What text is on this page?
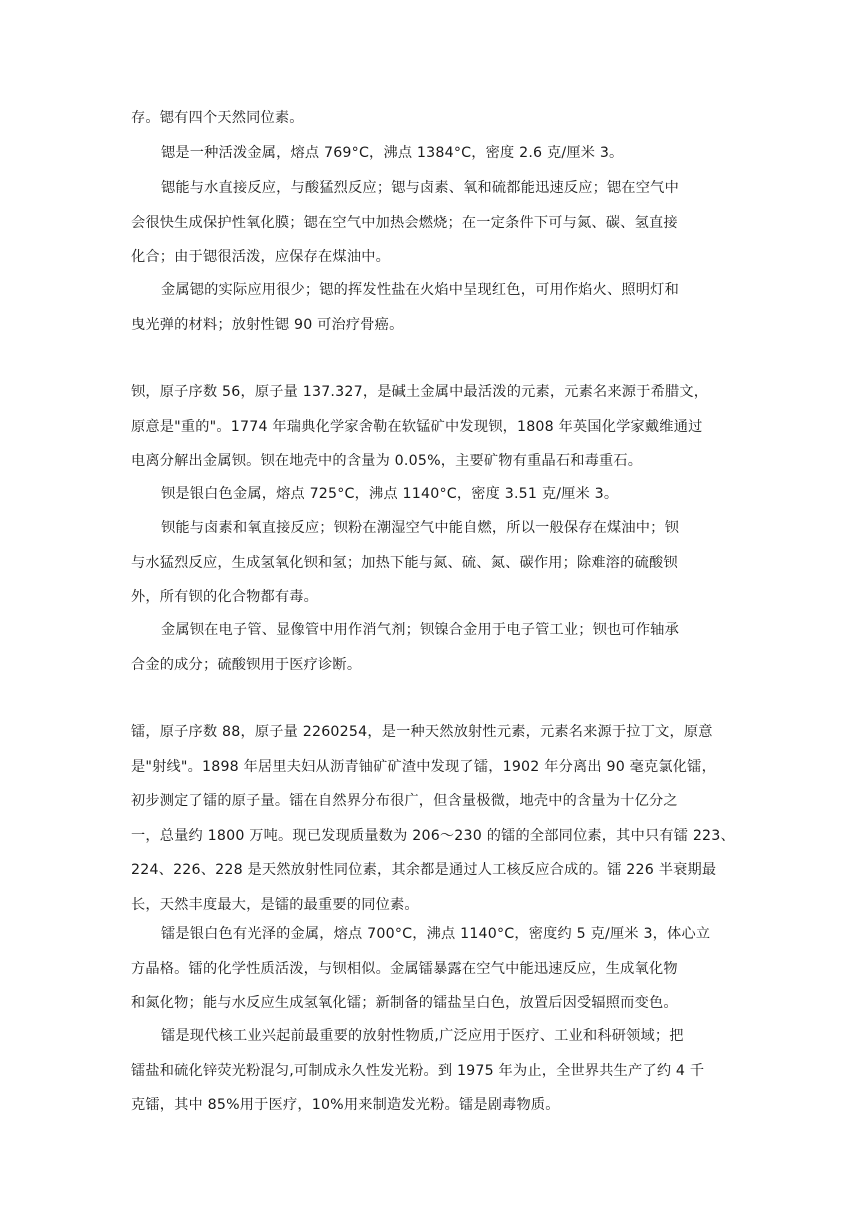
存。锶有四个天然同位素。

锶是一种活泼金属，熔点 769°C，沸点 1384°C，密度 2.6 克/厘米 3。

锶能与水直接反应，与酸猛烈反应；锶与卤素、氧和硫都能迅速反应；锶在空气中
会很快生成保护性氧化膜；锶在空气中加热会燃烧；在一定条件下可与氮、碳、氢直接
化合；由于锶很活泼，应保存在煤油中。

金属锶的实际应用很少；锶的挥发性盐在火焰中呈现红色，可用作焰火、照明灯和
曳光弹的材料；放射性锶 90 可治疗骨癌。

钡，原子序数 56，原子量 137.327，是碱土金属中最活泼的元素，元素名来源于希腊文，
原意是"重的"。1774 年瑞典化学家舍勒在软锰矿中发现钡，1808 年英国化学家戴维通过
电离分解出金属钡。钡在地壳中的含量为 0.05%，主要矿物有重晶石和毒重石。

钡是银白色金属，熔点 725°C，沸点 1140°C，密度 3.51 克/厘米 3。

钡能与卤素和氧直接反应；钡粉在潮湿空气中能自燃，所以一般保存在煤油中；钡
与水猛烈反应，生成氢氧化钡和氢；加热下能与氮、硫、氮、碳作用；除难溶的硫酸钡
外，所有钡的化合物都有毒。

金属钡在电子管、显像管中用作消气剂；钡镍合金用于电子管工业；钡也可作轴承
合金的成分；硫酸钡用于医疗诊断。

镭，原子序数 88，原子量 2260254，是一种天然放射性元素，元素名来源于拉丁文，原意
是"射线"。1898 年居里夫妇从沥青铀矿矿渣中发现了镭，1902 年分离出 90 毫克氯化镭，
初步测定了镭的原子量。镭在自然界分布很广，但含量极微，地壳中的含量为十亿分之
一，总量约 1800 万吨。现已发现质量数为 206～230 的镭的全部同位素，其中只有镭 223、
224、226、228 是天然放射性同位素，其余都是通过人工核反应合成的。镭 226 半衰期最
长，天然丰度最大，是镭的最重要的同位素。

镭是银白色有光泽的金属，熔点 700°C，沸点 1140°C，密度约 5 克/厘米 3，体心立
方晶格。镭的化学性质活泼，与钡相似。金属镭暴露在空气中能迅速反应，生成氧化物
和氮化物；能与水反应生成氢氧化镭；新制备的镭盐呈白色，放置后因受辐照而变色。

镭是现代核工业兴起前最重要的放射性物质,广泛应用于医疗、工业和科研领域；把
镭盐和硫化锌荧光粉混匀,可制成永久性发光粉。到 1975 年为止，全世界共生产了约 4 千
克镭，其中 85%用于医疗，10%用来制造发光粉。镭是剧毒物质。
